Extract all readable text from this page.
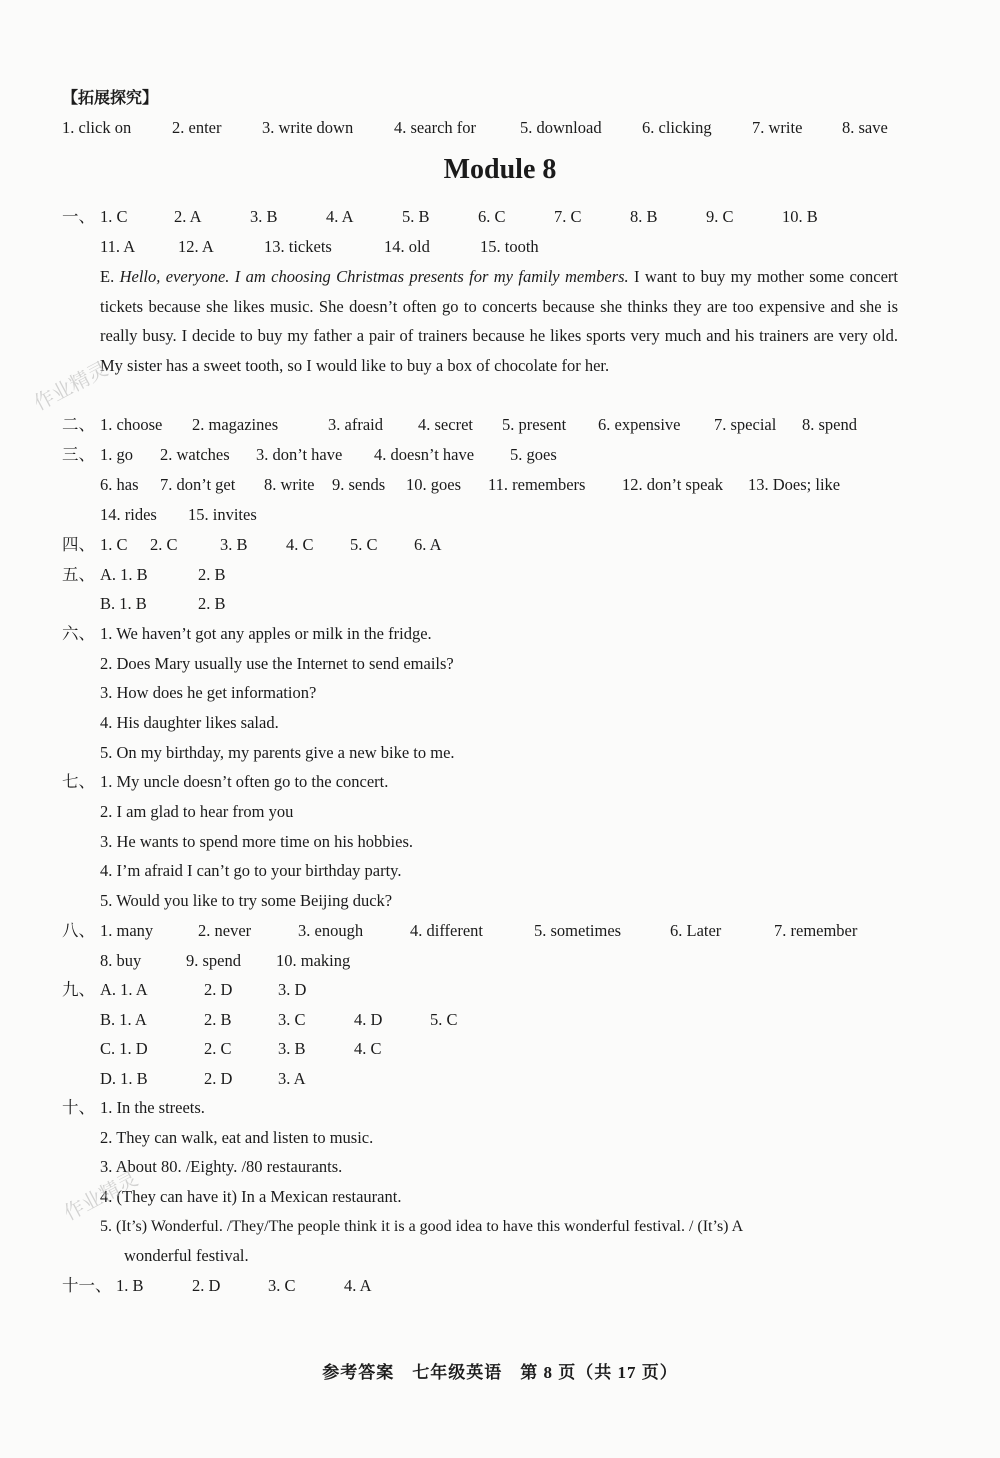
【拓展探究】
1. click on 2. enter 3. write down 4. search for	5. download 6. clicking 7. write 8. save
Module 8
一、 1. C	2. A	3. B	4. A	5. B	6. C	7. C	8. B	9. C	10. B
11. A	12. A	13. tickets	14. old	15. tooth
E. Hello, everyone. I am choosing Christmas presents for my family members. I want to buy my mother some concert tickets because she likes music. She doesn’t often go to concerts because she thinks they are too expensive and she is really busy. I decide to buy my father a pair of trainers because he likes sports very much and his trainers are very old. My sister has a sweet tooth, so I would like to buy a box of chocolate for her.
二、 1. choose 2. magazines	3. afraid 4. secret 5. present 6. expensive 7. special 8. spend
三、 1. go 2. watches 3. don’t have 4. doesn’t have 5. goes
6. has 7. don’t get 8. write 9. sends 10. goes 11. remembers 12. don’t speak 13. Does; like
14. rides 15. invites
四、 1. C 2. C	3. B 4. C 5. C 6. A
五、 A. 1. B	2. B
B. 1. B	2. B
六、 1. We haven’t got any apples or milk in the fridge.
2. Does Mary usually use the Internet to send emails?
3. How does he get information?
4. His daughter likes salad.
5. On my birthday, my parents give a new bike to me.
七、 1. My uncle doesn’t often go to the concert.
2. I am glad to hear from you
3. He wants to spend more time on his hobbies.
4. I’m afraid I can’t go to your birthday party.
5. Would you like to try some Beijing duck?
八、 1. many	2. never	3. enough	4. different	5. sometimes	6. Later	7. remember
8. buy	9. spend 10. making
九、 A. 1. A	2. D	3. D
B. 1. A	2. B	3. C	4. D	5. C
C. 1. D	2. C	3. B	4. C
D. 1. B	2. D	3. A
十、 1. In the streets.
2. They can walk, eat and listen to music.
3. About 80. /Eighty. /80 restaurants.
4. (They can have it) In a Mexican restaurant.
5. (It’s) Wonderful. /They/The people think it is a good idea to have this wonderful festival. / (It’s) A
wonderful festival.
十一、 1. B	2. D	3. C	4. A
参考答案　七年级英语　第 8 页（共 17 页）
作业精灵
作业精灵
